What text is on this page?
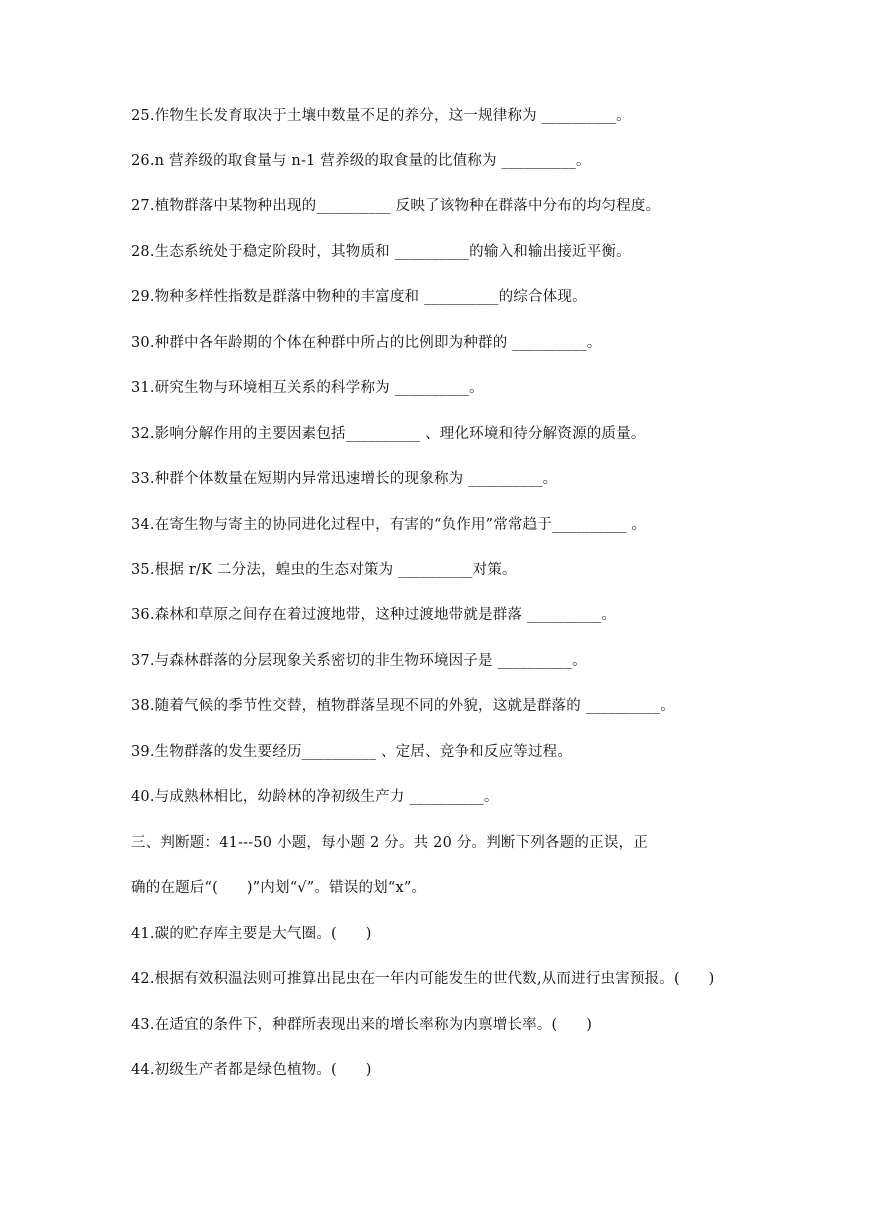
25.作物生长发育取决于土壤中数量不足的养分，这一规律称为 __________。
26.n 营养级的取食量与 n-1 营养级的取食量的比值称为 __________。
27.植物群落中某物种出现的__________ 反映了该物种在群落中分布的均匀程度。
28.生态系统处于稳定阶段时，其物质和 __________的输入和输出接近平衡。
29.物种多样性指数是群落中物种的丰富度和 __________的综合体现。
30.种群中各年龄期的个体在种群中所占的比例即为种群的 __________。
31.研究生物与环境相互关系的科学称为 __________。
32.影响分解作用的主要因素包括__________ 、理化环境和待分解资源的质量。
33.种群个体数量在短期内异常迅速增长的现象称为 __________。
34.在寄生物与寄主的协同进化过程中，有害的“负作用”常常趋于__________ 。
35.根据 r/K 二分法，蝗虫的生态对策为 __________对策。
36.森林和草原之间存在着过渡地带，这种过渡地带就是群落 __________。
37.与森林群落的分层现象关系密切的非生物环境因子是 __________。
38.随着气候的季节性交替，植物群落呈现不同的外貌，这就是群落的 __________。
39.生物群落的发生要经历__________ 、定居、竞争和反应等过程。
40.与成熟林相比，幼龄林的净初级生产力 __________。
三、判断题：41---50 小题，每小题 2 分。共 20 分。判断下列各题的正误，正
确的在题后“(      )”内划“√”。错误的划“x”。
41.碳的贮存库主要是大气圈。(      )
42.根据有效积温法则可推算出昆虫在一年内可能发生的世代数,从而进行虫害预报。(      )
43.在适宜的条件下，种群所表现出来的增长率称为内禀增长率。(      )
44.初级生产者都是绿色植物。(      )
